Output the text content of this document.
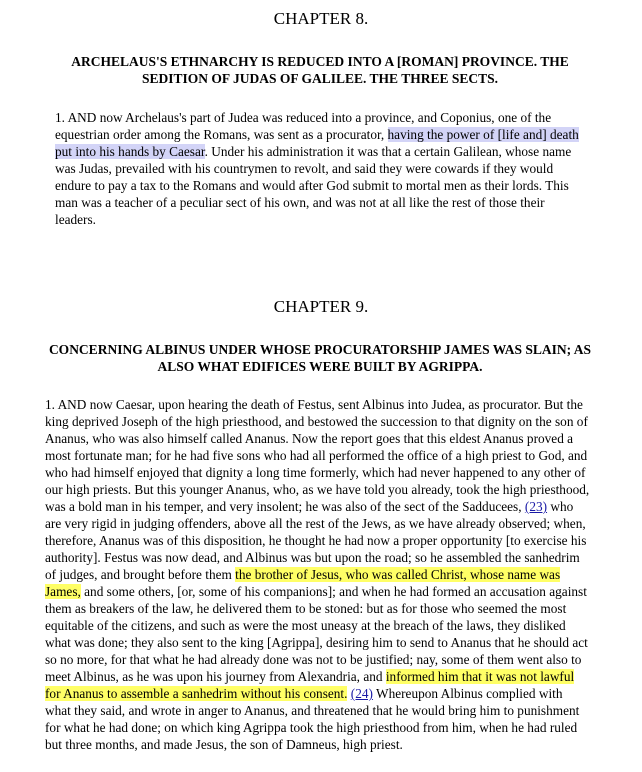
CHAPTER 8.
ARCHELAUS'S ETHNARCHY IS REDUCED INTO A [ROMAN] PROVINCE. THE SEDITION OF JUDAS OF GALILEE. THE THREE SECTS.

1. AND now Archelaus's part of Judea was reduced into a province, and Coponius, one of the equestrian order among the Romans, was sent as a procurator, having the power of [life and] death put into his hands by Caesar. Under his administration it was that a certain Galilean, whose name was Judas, prevailed with his countrymen to revolt, and said they were cowards if they would endure to pay a tax to the Romans and would after God submit to mortal men as their lords. This man was a teacher of a peculiar sect of his own, and was not at all like the rest of those their leaders.

CHAPTER 9.
CONCERNING ALBINUS UNDER WHOSE PROCURATORSHIP JAMES WAS SLAIN; AS ALSO WHAT EDIFICES WERE BUILT BY AGRIPPA.

1. AND now Caesar, upon hearing the death of Festus, sent Albinus into Judea, as procurator. But the king deprived Joseph of the high priesthood, and bestowed the succession to that dignity on the son of Ananus, who was also himself called Ananus. Now the report goes that this eldest Ananus proved a most fortunate man; for he had five sons who had all performed the office of a high priest to God, and who had himself enjoyed that dignity a long time formerly, which had never happened to any other of our high priests. But this younger Ananus, who, as we have told you already, took the high priesthood, was a bold man in his temper, and very insolent; he was also of the sect of the Sadducees, (23) who are very rigid in judging offenders, above all the rest of the Jews, as we have already observed; when, therefore, Ananus was of this disposition, he thought he had now a proper opportunity [to exercise his authority]. Festus was now dead, and Albinus was but upon the road; so he assembled the sanhedrim of judges, and brought before them the brother of Jesus, who was called Christ, whose name was James, and some others, [or, some of his companions]; and when he had formed an accusation against them as breakers of the law, he delivered them to be stoned: but as for those who seemed the most equitable of the citizens, and such as were the most uneasy at the breach of the laws, they disliked what was done; they also sent to the king [Agrippa], desiring him to send to Ananus that he should act so no more, for that what he had already done was not to be justified; nay, some of them went also to meet Albinus, as he was upon his journey from Alexandria, and informed him that it was not lawful for Ananus to assemble a sanhedrim without his consent. (24) Whereupon Albinus complied with what they said, and wrote in anger to Ananus, and threatened that he would bring him to punishment for what he had done; on which king Agrippa took the high priesthood from him, when he had ruled but three months, and made Jesus, the son of Damneus, high priest.
